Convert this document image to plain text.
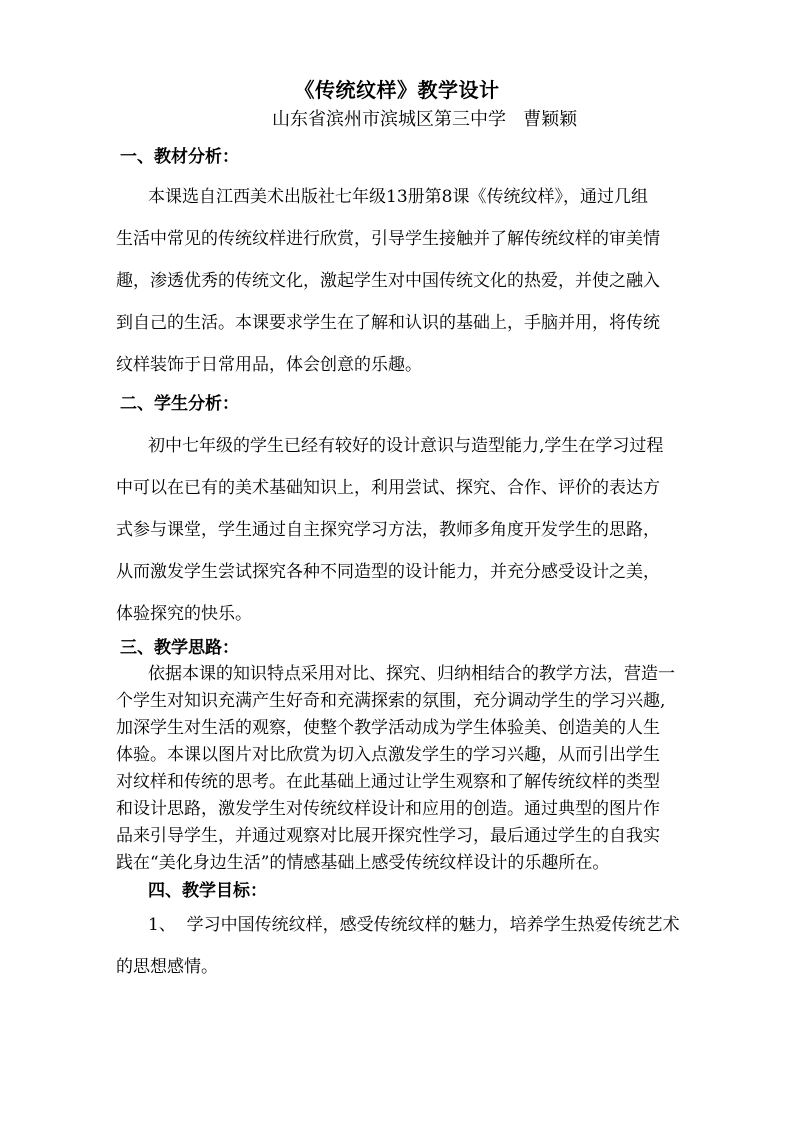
《传统纹样》教学设计
山东省滨州市滨城区第三中学   曹颖颖
一、教材分析：
本课选自江西美术出版社七年级13册第8课《传统纹样》，通过几组
生活中常见的传统纹样进行欣赏，引导学生接触并了解传统纹样的审美情
趣，渗透优秀的传统文化，激起学生对中国传统文化的热爱，并使之融入
到自己的生活。本课要求学生在了解和认识的基础上，手脑并用，将传统
纹样装饰于日常用品，体会创意的乐趣。
二、学生分析：
初中七年级的学生已经有较好的设计意识与造型能力,学生在学习过程
中可以在已有的美术基础知识上，利用尝试、探究、合作、评价的表达方
式参与课堂，学生通过自主探究学习方法，教师多角度开发学生的思路，
从而激发学生尝试探究各种不同造型的设计能力，并充分感受设计之美，
体验探究的快乐。
三、教学思路：
依据本课的知识特点采用对比、探究、归纳相结合的教学方法，营造一
个学生对知识充满产生好奇和充满探索的氛围，充分调动学生的学习兴趣,
加深学生对生活的观察，使整个教学活动成为学生体验美、创造美的人生
体验。本课以图片对比欣赏为切入点激发学生的学习兴趣，从而引出学生
对纹样和传统的思考。在此基础上通过让学生观察和了解传统纹样的类型
和设计思路，激发学生对传统纹样设计和应用的创造。通过典型的图片作
品来引导学生，并通过观察对比展开探究性学习，最后通过学生的自我实
践在“美化身边生活”的情感基础上感受传统纹样设计的乐趣所在。
四、教学目标：
1、  学习中国传统纹样，感受传统纹样的魅力，培养学生热爱传统艺术
的思想感情。
